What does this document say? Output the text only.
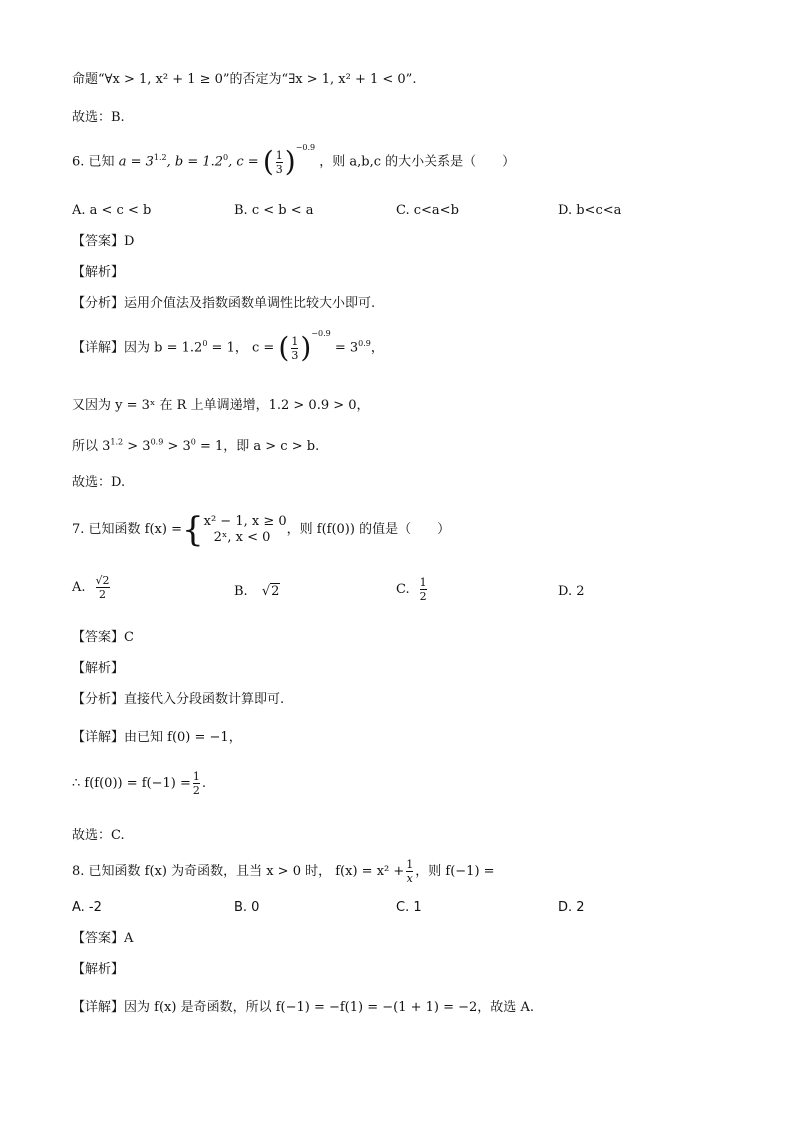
命题“∀x > 1, x² + 1 ≥ 0”的否定为“∃x > 1, x² + 1 < 0”.
故选：B.
6. 已知 $a = 3^{1.2}$, $b = 1.2^0$, c = ( $\frac{1}{3} )^{-0.9}$ ，则 a,b,c 的大小关系是（　　）
A. a < c < b	B. c < b < a	C. c<a<b	D. b<c<a
【答案】D
【解析】
【分析】运用介值法及指数函数单调性比较大小即可.
【详解】因为 $b = 1.2^0 = 1$， c = ( $\frac{1}{3} )^{-0.9} = 3^{0.9}$，
又因为 y = 3ˣ 在 R 上单调递增，1.2 > 0.9 > 0，
所以 $3^{1.2} > 3^{0.9} > 3^0 = 1$，即 a > c > b.
故选：D.
7. 已知函数 f(x) = { x² − 1, x ≥ 0
2ˣ, x < 0
，则 f(f(0)) 的值是（　　）
A. $\frac{√2}{2}$	B. √2	C. $\frac{1}{2}$	D. 2
【答案】C
【解析】
【分析】直接代入分段函数计算即可.
【详解】由已知 f(0) = −1，
∴ $f(f(0)) = f(-1) = \frac{1}{2}$ .
故选：C.
8. 已知函数 f(x) 为奇函数，且当 x > 0 时， $f(x) = x^2 + \frac{1}{x}$ ，则 f(−1) =
A. -2	B. 0	C. 1	D. 2
【答案】A
【解析】
【详解】因为 f(x) 是奇函数，所以 f(−1) = −f(1) = −(1 + 1) = −2，故选 A.
